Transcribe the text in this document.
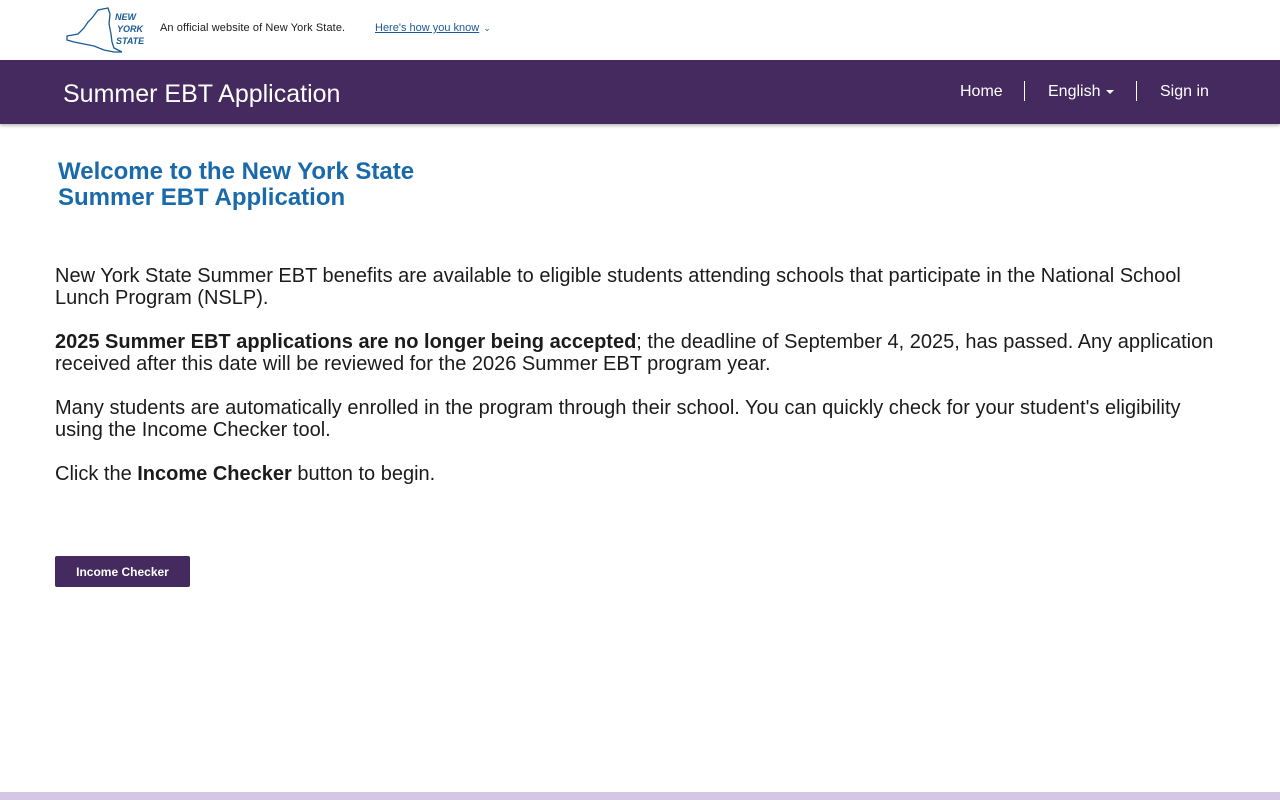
NEW
YORK
STATE
An official website of New York State.	Here's how you know ⌄
Summer EBT Application	Home	English	Sign in
Welcome to the New York State
Summer EBT Application

New York State Summer EBT benefits are available to eligible students attending schools that participate in the National School Lunch Program (NSLP).

2025 Summer EBT applications are no longer being accepted; the deadline of September 4, 2025, has passed. Any application received after this date will be reviewed for the 2026 Summer EBT program year.

Many students are automatically enrolled in the program through their school. You can quickly check for your student's eligibility using the Income Checker tool.

Click the Income Checker button to begin.

Income Checker
